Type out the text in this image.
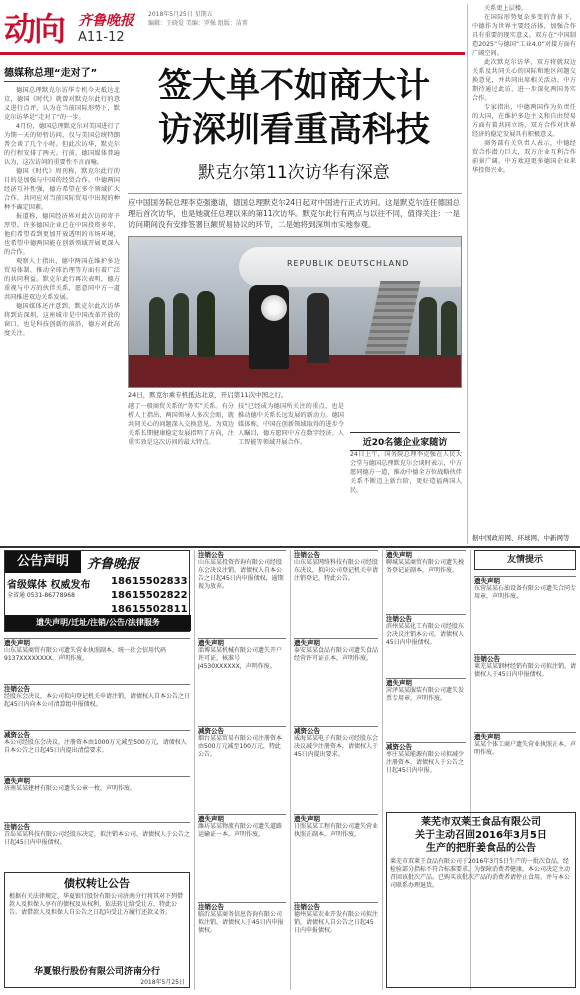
动向 齐鲁晚报
A11-12
2018年5月25日 星期五
编辑：王晓爱 美编：罗强 组版：洁菁
德媒称总理“走对了”

德国总理默克尔访华专机今天抵达北京，德国《时代》就曾对默克尔此行的意义进行点评，认为在当前国际形势下，默克尔访华是“走对了”的一步。

4月份，德国总理默克尔对美国进行了为期一天的短暂访问，仅与美国总统特朗普会谈了几个小时。但此次访华，默克尔的行程安排了两天。行前，德国媒体普遍认为，这次访问的重要性不言而喻。

德国《时代》周刊称，默克尔此行的目的是加强与中国的经贸合作。中德两国经济互补性强，德方希望在多个领域扩大合作，共同应对当前国际贸易中出现的种种不确定因素。

报道称，德国经济界对此次访问寄予厚望。许多德国企业已在中国投资多年，他们希望看到更加开放透明的市场环境，也希望中德两国能在创新领域开展更深入的合作。

观察人士指出，德中两国在维护多边贸易体制、推动全球治理等方面有着广泛的共同利益。默克尔此行再次表明，德方重视与中方的伙伴关系，愿意同中方一道共同推进双边关系发展。

德国媒体还注意到，默克尔此次访华将到访深圳，这座城市是中国改革开放的窗口，也是科技创新的前沿，德方对此高度关注。

签大单不如商大计
访深圳看重高科技
默克尔第11次访华有深意
应中国国务院总理李克强邀请，德国总理默克尔24日起对中国进行正式访问。这是默克尔连任德国总理后首次访华，也是她就任总理以来的第11次访华。默克尔此行有两点与以往不同，值得关注：一是访问期间没有安排签署巨额贸易协议的环节，二是她将到深圳市实地参观。
REPUBLIK DEUTSCHLAND
24日，默克尔乘专机抵达北京，开启第11次中国之行。
越了一般商贸关系的“务实”关系。有分析人士指出，两国领导人多次会晤，就共同关心的问题深入交换意见，为双边关系长期健康稳定发展指明了方向，注重实效是这次访问的最大特点。
技”已经成为德国所关注的重点，也是推动德中关系长远发展的新动力。德国媒体称，中国在创新领域取得的进步令人瞩目，德方愿同中方在数字经济、人工智能等领域开展合作。	近20名德企业家随访
24日上午，国务院总理李克强在人民大会堂与德国总理默克尔会谈时表示，中方愿同德方一道，推动中德全方位战略伙伴关系不断迈上新台阶，更好造福两国人民。

关系更上层楼。

在国际形势复杂多变的背景下，中德作为世界主要经济体，加强合作具有重要的现实意义。双方在“中国制造2025”与德国“工业4.0”对接方面有广阔空间。

此次默克尔访华，双方将就双边关系及共同关心的国际和地区问题交换意见，并共同出席相关活动。中方期待通过此访，进一步深化两国务实合作。

专家指出，中德两国作为负责任的大国，在维护多边主义和自由贸易方面有着共同立场，双方合作对世界经济的稳定发展具有积极意义。

商务部有关负责人表示，中德经贸合作潜力巨大，双方企业互利合作前景广阔，中方欢迎更多德国企业来华投资兴业。

据中国政府网、环球网、中新网等
公告声明	齐鲁晚报
省级媒体 权威发布
全省通 0531-86778968
18615502833
18615502822
18615502811
遗失声明/迁址/注销/公告/法律服务
友情提示
遗失声明
山东某某商贸有限公司遗失营业执照副本，统一社会信用代码9137XXXXXXXX，声明作废。
注销公告
经股东会决议，本公司拟向登记机关申请注销，请债权人自本公告之日起45日内向本公司清算组申报债权。
减资公告
本公司经股东会决议，注册资本由1000万元减至500万元，请债权人自本公告之日起45日内提出清偿要求。
遗失声明
济南某某建材有限公司遗失公章一枚，声明作废。
注销公告
青岛某某科技有限公司经股东决定，拟注销本公司，请债权人于公告之日起45日内申报债权。
注销公告
山东某某投资咨询有限公司经股东会决议注销，请债权人自本公告之日起45日内申报债权，逾期视为放弃。
遗失声明
淄博某某机械有限公司遗失开户许可证，核准号J4530XXXXXX，声明作废。
减资公告
烟台某某贸易有限公司注册资本由500万元减至100万元，特此公告。
遗失声明
潍坊某某物流有限公司遗失道路运输证一本，声明作废。
注销公告
临沂某某商务信息咨询有限公司拟注销，请债权人于45日内申报债权。
注销公告
山东某某网络科技有限公司经股东决议，拟向公司登记机关申请注销登记，特此公告。
遗失声明
泰安某某食品有限公司遗失食品经营许可证正本，声明作废。
减资公告
威海某某电子有限公司经股东会决议减少注册资本，请债权人于45日内提出要求。
遗失声明
日照某某工程有限公司遗失营业执照正副本，声明作废。
注销公告
德州某某农业开发有限公司拟注销，请债权人自公告之日起45日内申报债权。
遗失声明
聊城某某商贸有限公司遗失税务登记证副本，声明作废。
注销公告
滨州某某化工有限公司经股东会决议注销本公司，请债权人45日内申报债权。
遗失声明
菏泽某某服装有限公司遗失发票专用章，声明作废。
减资公告
枣庄某某能源有限公司拟减少注册资本，请债权人于公告之日起45日内申报。
遗失声明
东营某某石油设备有限公司遗失合同专用章，声明作废。
注销公告
莱芜某某钢材经销有限公司拟注销，请债权人于45日内申报债权。
遗失声明
某某个体工商户遗失营业执照正本，声明作废。
债权转让公告
根据有关法律规定，华夏银行股份有限公司济南分行将其对下列借款人及担保人享有的债权及从权利，依法转让给受让方，特此公告。请借款人及担保人自公告之日起向受让方履行还款义务。
华夏银行股份有限公司济南分行
2018年5月25日
莱芜市双莱王食品有限公司
关于主动召回2016年3月5日
生产的把肝姜食品的公告
莱芜市双莱王食品有限公司于2016年3月5日生产的一批次食品，经检验部分指标不符合标准要求。为保障消费者健康，本公司决定主动召回该批次产品。已购买该批次产品的消费者请停止食用，并与本公司联系办理退货。
